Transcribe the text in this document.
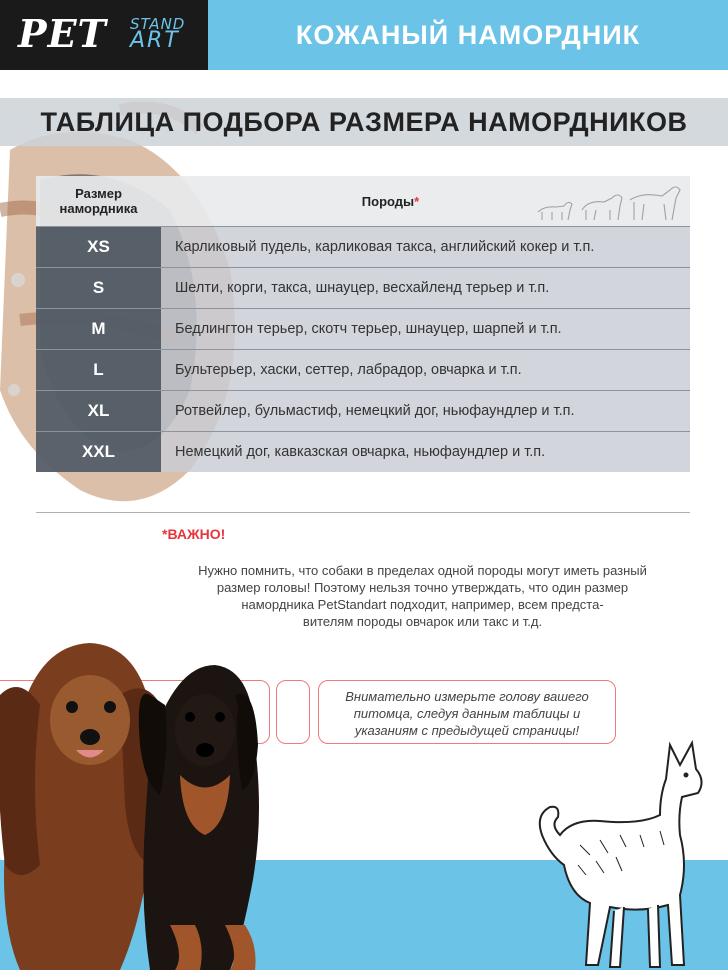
PET STAND
ART	КОЖАНЫЙ НАМОРДНИК
ТАБЛИЦА ПОДБОРА РАЗМЕРА НАМОРДНИКОВ
Размер
намордника	Породы *
XS	Карликовый пудель, карликовая такса, английский кокер и т.п.
S	Шелти, корги, такса, шнауцер, весхайленд терьер и т.п.
M	Бедлингтон терьер, скотч терьер, шнауцер, шарпей и т.п.
L	Бультерьер, хаски, сеттер, лабрадор, овчарка и т.п.
XL	Ротвейлер, бульмастиф, немецкий дог, ньюфаундлер и т.п.
XXL	Немецкий дог, кавказская овчарка, ньюфаундлер и т.п.
*ВАЖНО!
Нужно помнить, что собаки в пределах одной породы могут иметь разный
размер головы! Поэтому нельзя точно утверждать, что один размер
намордника PetStandart подходит, например, всем предста-
вителям породы овчарок или такс и т.д.
Внимательно измерьте голову вашего
питомца, следуя данным таблицы и
указаниям с предыдущей страницы!
